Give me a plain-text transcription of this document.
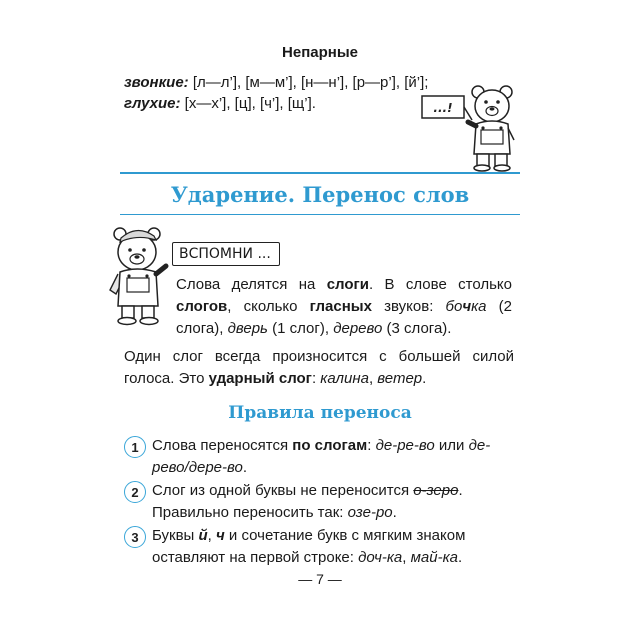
Непарные
звонкие: [л—л’], [м—м’], [н—н’], [р—р’], [й’];
глухие: [х—х’], [ц], [ч’], [щ’].	...!
Ударение. Перенос слов
ВСПОМНИ ...
Слова делятся на слоги. В слове столько слогов, сколько гласных звуков: бочка (2 слога), дверь (1 слог), дерево (3 слога).
Один слог всегда произносится с большей силой голоса. Это ударный слог: калина, ветер.
Правила переноса
1 Слова переносятся по слогам: де-ре-во или де-рево/дере-во.
2 Слог из одной буквы не переносится о-зеро. Правильно переносить так: озе-ро.
3 Буквы й, ч и сочетание букв с мягким знаком оставляют на первой строке: доч-ка, май-ка.
— 7 —
